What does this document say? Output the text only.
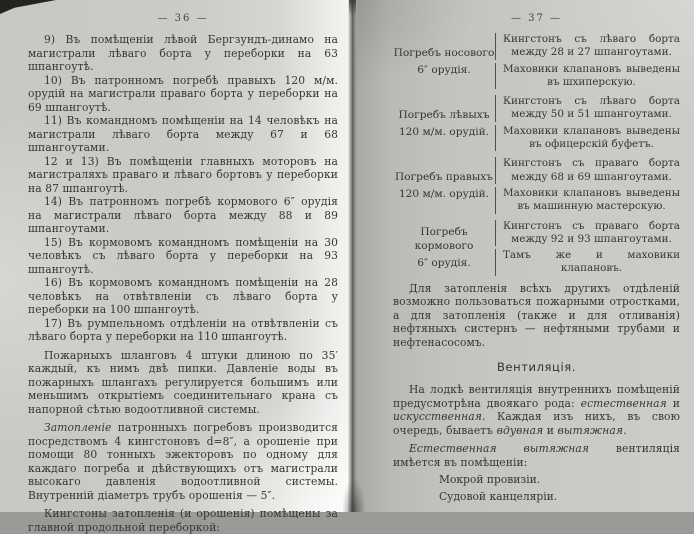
— 36 —

9) Въ помѣщеніи лѣвой Бергзундъ-динамо на магистрали лѣваго борта у переборки на 63 шпангоутѣ.

10) Въ патронномъ погребѣ правыхъ 120 м/м. орудій на магистрали праваго борта у переборки на 69 шпангоутѣ.

11) Въ командномъ помѣщеніи на 14 человѣкъ на магистрали лѣваго борта между 67 и 68 шпангоутами.

12 и 13) Въ помѣщеніи главныхъ моторовъ на магистраляхъ праваго и лѣваго бортовъ у переборки на 87 шпангоутѣ.

14) Въ патронномъ погребѣ кормового 6″ орудія на магистрали лѣваго борта между 88 и 89 шпангоутами.

15) Въ кормовомъ командномъ помѣщеніи на 30 человѣкъ съ лѣваго борта у переборки на 93 шпангоутѣ.

16) Въ кормовомъ командномъ помѣщеніи на 28 человѣкъ на отвѣтвленіи съ лѣваго борта у переборки на 100 шпангоутѣ.

17) Въ румпельномъ отдѣленіи на отвѣтвленіи съ лѣваго борта у переборки на 110 шпангоутѣ.

Пожарныхъ шланговъ 4 штуки длиною по 35′ каждый, къ нимъ двѣ пипки. Давленіе воды въ пожарныхъ шлангахъ регулируется большимъ или меньшимъ открытіемъ соединительнаго крана съ напорной сѣтью водоотливной системы.

Затопленіе патронныхъ погребовъ производится посредствомъ 4 кингстоновъ d=8″, а орошеніе при помощи 80 тонныхъ эжекторовъ по одному для каждаго погреба и дѣйствующихъ отъ магистрали высокаго давленія водоотливной системы. Внутренній діаметръ трубъ орошенія — 5″.

Кингстоны затопленія (и орошенія) помѣщены за главной продольной переборкой:

— 37 —
Погребъ носового
6″ орудія.
Кингстонъ съ лѣваго борта между 28 и 27 шпангоутами.
Маховики клапановъ выведены въ шхиперскую.
Погребъ лѣвыхъ
120 м/м. орудій.
Кингстонъ съ лѣваго борта между 50 и 51 шпангоутами.
Маховики клапановъ выведены въ офицерскій буфетъ.
Погребъ правыхъ
120 м/м. орудій.
Кингстонъ съ праваго борта между 68 и 69 шпангоутами.
Маховики клапановъ выведены въ машинную мастерскую.
Погребъ кормового
6″ орудія.
Кингстонъ съ праваго борта между 92 и 93 шпангоутами.
Тамъ же и маховики клапановъ.

Для затопленія всѣхъ другихъ отдѣленій возможно пользоваться пожарными отростками, а для затопленія (также и для отливанія) нефтяныхъ систернъ — нефтяными трубами и нефтенасосомъ.

Вентиляція.

На лодкѣ вентиляція внутреннихъ помѣщеній предусмотрѣна двоякаго рода: естественная и искусственная. Каждая изъ нихъ, въ свою очередь, бываетъ вдувная и вытяжная.

Естественная вытяжная вентиляція имѣется въ помѣщеніи:

Мокрой провизіи.
Судовой канцеляріи.
